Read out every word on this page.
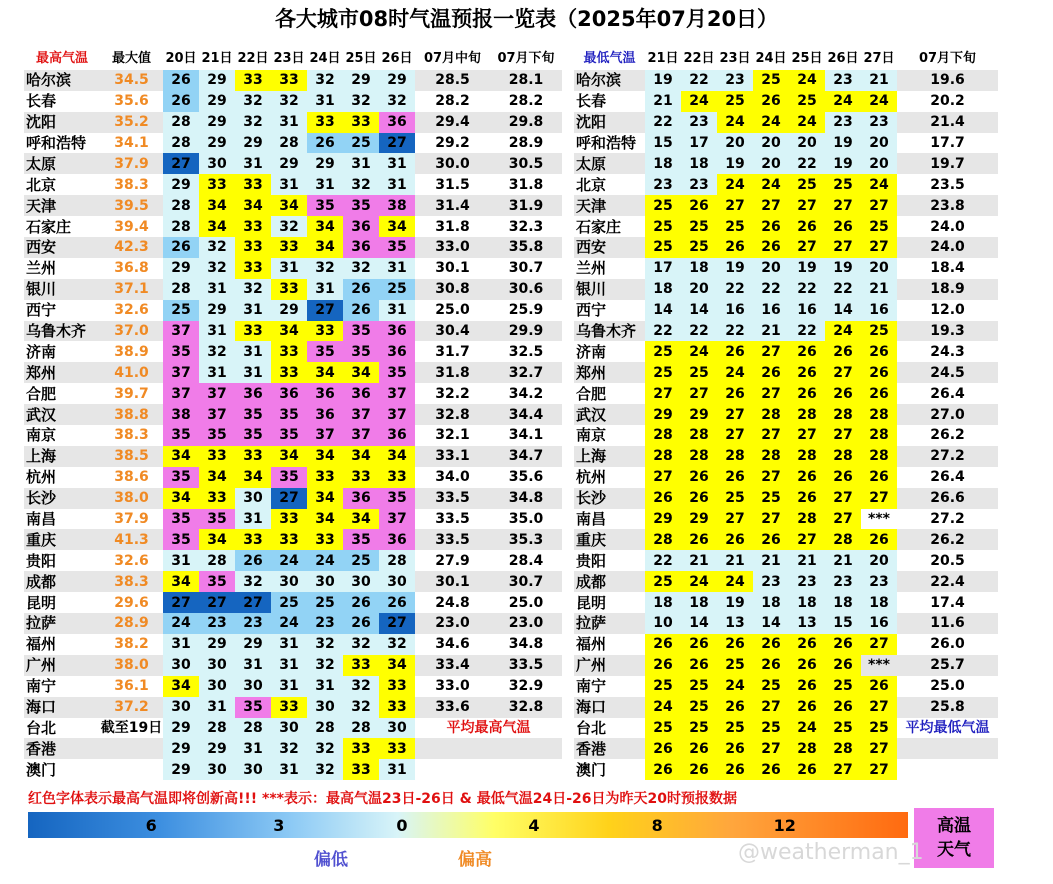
各大城市08时气温预报一览表（2025年07月20日）
最高气温	最大值	20日	21日	22日	23日	24日	25日	26日	07月中旬	07月下旬
哈尔滨	34.5	26	29	33	33	32	29	29	28.5	28.1
长春	35.6	26	29	32	32	31	32	32	28.2	28.2
沈阳	35.2	28	29	32	31	33	33	36	29.4	29.8
呼和浩特	34.1	28	29	29	28	26	25	27	29.2	28.9
太原	37.9	27	30	31	29	29	31	31	30.0	30.5
北京	38.3	29	33	33	31	31	32	31	31.5	31.8
天津	39.5	28	34	34	34	35	35	38	31.4	31.9
石家庄	39.4	28	34	33	32	34	36	34	31.8	32.3
西安	42.3	26	32	33	33	34	36	35	33.0	35.8
兰州	36.8	29	32	33	31	32	32	31	30.1	30.7
银川	37.1	28	31	32	33	31	26	25	30.8	30.6
西宁	32.6	25	29	31	29	27	26	31	25.0	25.9
乌鲁木齐	37.0	37	31	33	34	33	35	36	30.4	29.9
济南	38.9	35	32	31	33	35	35	36	31.7	32.5
郑州	41.0	37	31	31	33	34	34	35	31.8	32.7
合肥	39.7	37	37	36	36	36	36	37	32.2	34.2
武汉	38.8	38	37	35	35	36	37	37	32.8	34.4
南京	38.3	35	35	35	35	37	37	36	32.1	34.1
上海	38.5	34	33	33	34	34	34	34	33.1	34.7
杭州	38.6	35	34	34	35	33	33	33	34.0	35.6
长沙	38.0	34	33	30	27	34	36	35	33.5	34.8
南昌	37.9	35	35	31	33	34	34	37	33.5	35.0
重庆	41.3	35	34	33	33	33	35	36	33.5	35.3
贵阳	32.6	31	28	26	24	24	25	28	27.9	28.4
成都	38.3	34	35	32	30	30	30	30	30.1	30.7
昆明	29.6	27	27	27	25	25	26	26	24.8	25.0
拉萨	28.9	24	23	23	24	23	26	27	23.0	23.0
福州	38.2	31	29	29	31	32	32	32	34.6	34.8
广州	38.0	30	30	31	31	32	33	34	33.4	33.5
南宁	36.1	34	30	30	31	31	32	33	33.0	32.9
海口	37.2	30	31	35	33	30	32	33	33.6	32.8
台北	截至19日	29	28	28	30	28	28	30	平均最高气温	
香港		29	29	31	32	32	33	33		
澳门		29	30	30	31	32	33	31		
最低气温	21日	22日	23日	24日	25日	26日	27日	07月下旬
哈尔滨	19	22	23	25	24	23	21	19.6
长春	21	24	25	26	25	24	24	20.2
沈阳	22	23	24	24	24	23	23	21.4
呼和浩特	15	17	20	20	20	19	20	17.7
太原	18	18	19	20	22	19	20	19.7
北京	23	23	24	24	25	25	24	23.5
天津	25	26	27	27	27	27	27	23.8
石家庄	25	25	25	26	26	26	25	24.0
西安	25	25	26	26	27	27	27	24.0
兰州	17	18	19	20	19	19	20	18.4
银川	18	20	22	22	22	22	21	18.9
西宁	14	14	16	16	16	14	16	12.0
乌鲁木齐	22	22	22	21	22	24	25	19.3
济南	25	24	26	27	26	26	26	24.3
郑州	25	25	24	26	26	27	26	24.5
合肥	27	27	26	27	26	26	26	26.4
武汉	29	29	27	28	28	28	28	27.0
南京	28	28	27	27	27	27	28	26.2
上海	28	28	28	28	28	28	28	27.2
杭州	27	26	26	27	26	26	26	26.4
长沙	26	26	25	25	26	27	27	26.6
南昌	29	29	27	27	28	27	***	27.2
重庆	28	26	26	26	27	28	26	26.2
贵阳	22	21	21	21	21	21	20	20.5
成都	25	24	24	23	23	23	23	22.4
昆明	18	18	19	18	18	18	18	17.4
拉萨	10	14	13	14	13	15	16	11.6
福州	26	26	26	26	26	26	27	26.0
广州	26	26	25	26	26	26	***	25.7
南宁	25	25	24	25	26	25	26	25.0
海口	24	25	26	27	26	26	27	25.8
台北	25	25	25	25	24	25	25	平均最低气温
香港	26	26	26	27	28	28	27	
澳门	26	26	26	26	26	27	27	
红色字体表示最高气温即将创新高!!! ***表示：最高气温23日-26日 & 最低气温24日-26日为昨天20时预报数据
6	3	0	4	8	12	高温
天气
偏低	偏高	@weatherman_1
